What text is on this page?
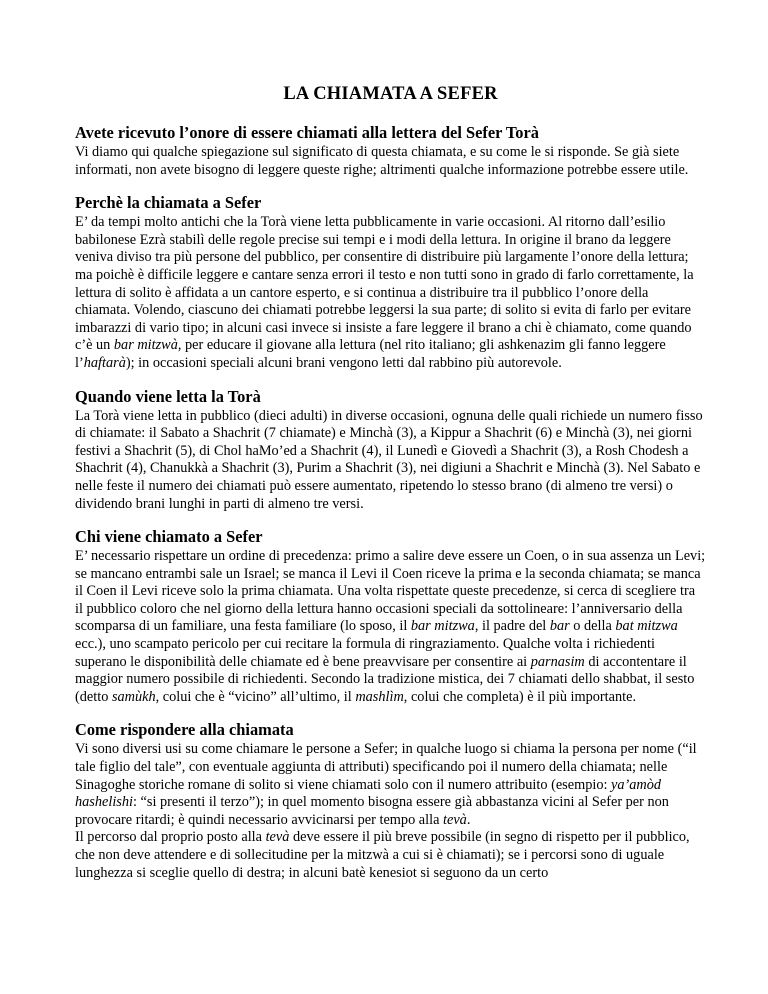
LA CHIAMATA A SEFER
Avete ricevuto l’onore di essere chiamati alla lettera del Sefer Torà

Vi diamo qui qualche spiegazione sul significato di questa chiamata, e su come le si risponde. Se già siete informati, non avete bisogno di leggere queste righe; altrimenti qualche informazione potrebbe essere utile.

Perchè la chiamata a Sefer

E’ da tempi molto antichi che la Torà viene letta pubblicamente in varie occasioni. Al ritorno dall’esilio babilonese Ezrà stabilì delle regole precise sui tempi e i modi della lettura. In origine il brano da leggere veniva diviso tra più persone del pubblico, per consentire di distribuire più largamente l’onore della lettura; ma poichè è difficile leggere e cantare senza errori il testo e non tutti sono in grado di farlo correttamente, la lettura di solito è affidata a un cantore esperto, e si continua a distribuire tra il pubblico l’onore della chiamata. Volendo, ciascuno dei chiamati potrebbe leggersi la sua parte; di solito si evita di farlo per evitare imbarazzi di vario tipo; in alcuni casi invece si insiste a fare leggere il brano a chi è chiamato, come quando c’è un bar mitzwà, per educare il giovane alla lettura (nel rito italiano; gli ashkenazim gli fanno leggere l’haftarà); in occasioni speciali alcuni brani vengono letti dal rabbino più autorevole.

Quando viene letta la Torà

La Torà viene letta in pubblico (dieci adulti) in diverse occasioni, ognuna delle quali richiede un numero fisso di chiamate: il Sabato a Shachrit (7 chiamate) e Minchà (3), a Kippur a Shachrit (6) e Minchà (3), nei giorni festivi a Shachrit (5), di Chol haMo’ed a Shachrit (4), il Lunedì e Giovedì a Shachrit (3), a Rosh Chodesh a Shachrit (4), Chanukkà a Shachrit (3), Purim a Shachrit (3), nei digiuni a Shachrit e Minchà (3). Nel Sabato e nelle feste il numero dei chiamati può essere aumentato, ripetendo lo stesso brano (di almeno tre versi) o dividendo brani lunghi in parti di almeno tre versi.

Chi viene chiamato a Sefer

E’ necessario rispettare un ordine di precedenza: primo a salire deve essere un Coen, o in sua assenza un Levi; se mancano entrambi sale un Israel; se manca il Levi il Coen riceve la prima e la seconda chiamata; se manca il Coen il Levi riceve solo la prima chiamata. Una volta rispettate queste precedenze, si cerca di scegliere tra il pubblico coloro che nel giorno della lettura hanno occasioni speciali da sottolineare: l’anniversario della scomparsa di un familiare, una festa familiare (lo sposo, il bar mitzwa, il padre del bar o della bat mitzwa ecc.), uno scampato pericolo per cui recitare la formula di ringraziamento. Qualche volta i richiedenti superano le disponibilità delle chiamate ed è bene preavvisare per consentire ai parnasim di accontentare il maggior numero possibile di richiedenti. Secondo la tradizione mistica, dei 7 chiamati dello shabbat, il sesto (detto samùkh, colui che è “vicino” all’ultimo, il mashlìm, colui che completa) è il più importante.

Come rispondere alla chiamata

Vi sono diversi usi su come chiamare le persone a Sefer; in qualche luogo si chiama la persona per nome (“il tale figlio del tale”, con eventuale aggiunta di attributi) specificando poi il numero della chiamata; nelle Sinagoghe storiche romane di solito si viene chiamati solo con il numero attribuito (esempio: ya’amòd hashelishi: “si presenti il terzo”); in quel momento bisogna essere già abbastanza vicini al Sefer per non provocare ritardi; è quindi necessario avvicinarsi per tempo alla tevà.

Il percorso dal proprio posto alla tevà deve essere il più breve possibile (in segno di rispetto per il pubblico, che non deve attendere e di sollecitudine per la mitzwà a cui si è chiamati); se i percorsi sono di uguale lunghezza si sceglie quello di destra; in alcuni batè kenesiot si seguono da un certo
